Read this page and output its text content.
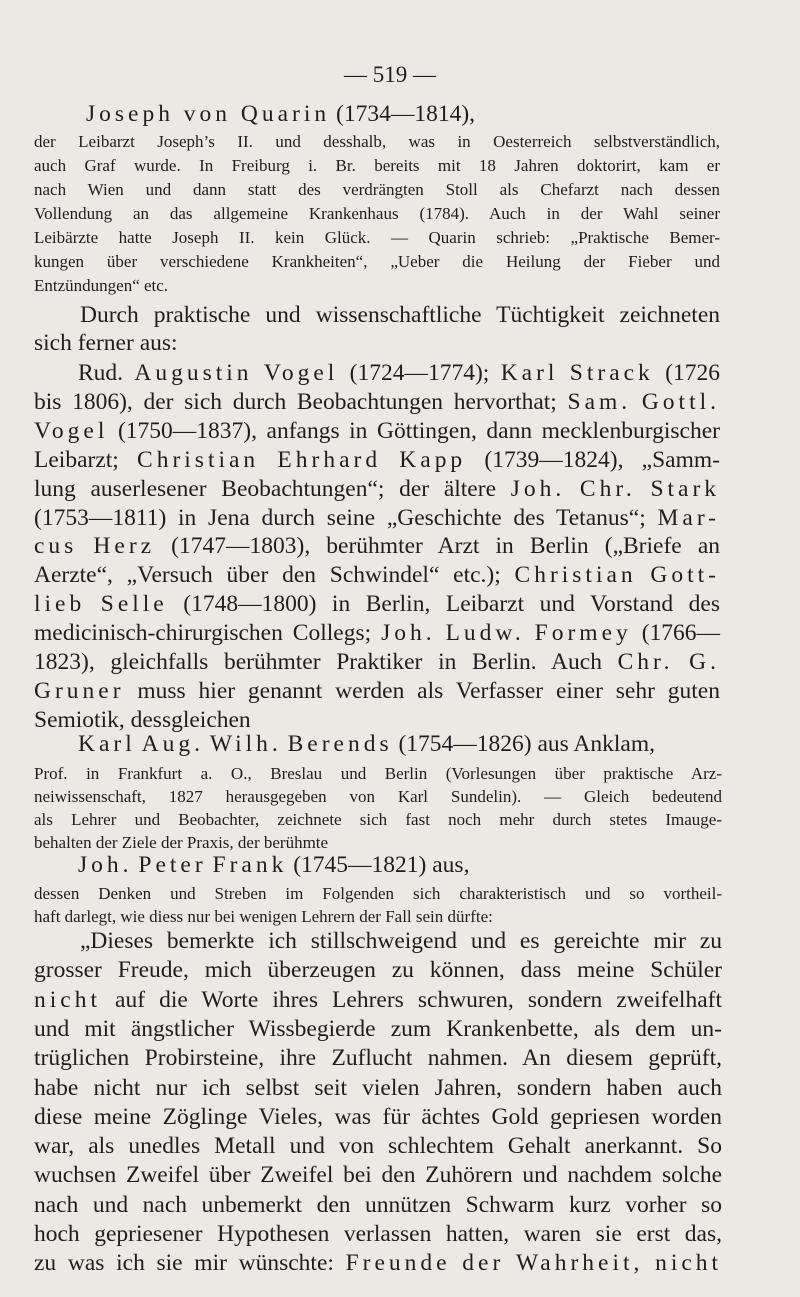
— 519 —
Joseph von Quarin (1734—1814),
der Leibarzt Joseph’s II. und desshalb, was in Oesterreich selbstverständlich,
auch Graf wurde. In Freiburg i. Br. bereits mit 18 Jahren doktorirt, kam er
nach Wien und dann statt des verdrängten Stoll als Chefarzt nach dessen
Vollendung an das allgemeine Krankenhaus (1784). Auch in der Wahl seiner
Leibärzte hatte Joseph II. kein Glück. — Quarin schrieb: „Praktische Bemer-
kungen über verschiedene Krankheiten“, „Ueber die Heilung der Fieber und
Entzündungen“ etc.
Durch praktische und wissenschaftliche Tüchtigkeit zeichneten
sich ferner aus:
Rud. Augustin Vogel (1724—1774); Karl Strack (1726
bis 1806), der sich durch Beobachtungen hervorthat; Sam. Gottl.
Vogel (1750—1837), anfangs in Göttingen, dann mecklenburgischer
Leibarzt; Christian Ehrhard Kapp (1739—1824), „Samm-
lung auserlesener Beobachtungen“; der ältere Joh. Chr. Stark
(1753—1811) in Jena durch seine „Geschichte des Tetanus“; Mar-
cus Herz (1747—1803), berühmter Arzt in Berlin („Briefe an
Aerzte“, „Versuch über den Schwindel“ etc.); Christian Gott-
lieb Selle (1748—1800) in Berlin, Leibarzt und Vorstand des
medicinisch-chirurgischen Collegs; Joh. Ludw. Formey (1766—
1823), gleichfalls berühmter Praktiker in Berlin. Auch Chr. G.
Gruner muss hier genannt werden als Verfasser einer sehr guten
Semiotik, dessgleichen
Karl Aug. Wilh. Berends (1754—1826) aus Anklam,
Prof. in Frankfurt a. O., Breslau und Berlin (Vorlesungen über praktische Arz-
neiwissenschaft, 1827 herausgegeben von Karl Sundelin). — Gleich bedeutend
als Lehrer und Beobachter, zeichnete sich fast noch mehr durch stetes Imauge-
behalten der Ziele der Praxis, der berühmte
Joh. Peter Frank (1745—1821) aus,
dessen Denken und Streben im Folgenden sich charakteristisch und so vortheil-
haft darlegt, wie diess nur bei wenigen Lehrern der Fall sein dürfte:
„Dieses bemerkte ich stillschweigend und es gereichte mir zu
grosser Freude, mich überzeugen zu können, dass meine Schüler
nicht auf die Worte ihres Lehrers schwuren, sondern zweifelhaft
und mit ängstlicher Wissbegierde zum Krankenbette, als dem un-
trüglichen Probirsteine, ihre Zuflucht nahmen. An diesem geprüft,
habe nicht nur ich selbst seit vielen Jahren, sondern haben auch
diese meine Zöglinge Vieles, was für ächtes Gold gepriesen worden
war, als unedles Metall und von schlechtem Gehalt anerkannt. So
wuchsen Zweifel über Zweifel bei den Zuhörern und nachdem solche
nach und nach unbemerkt den unnützen Schwarm kurz vorher so
hoch gepriesener Hypothesen verlassen hatten, waren sie erst das,
zu was ich sie mir wünschte: Freunde der Wahrheit, nicht
